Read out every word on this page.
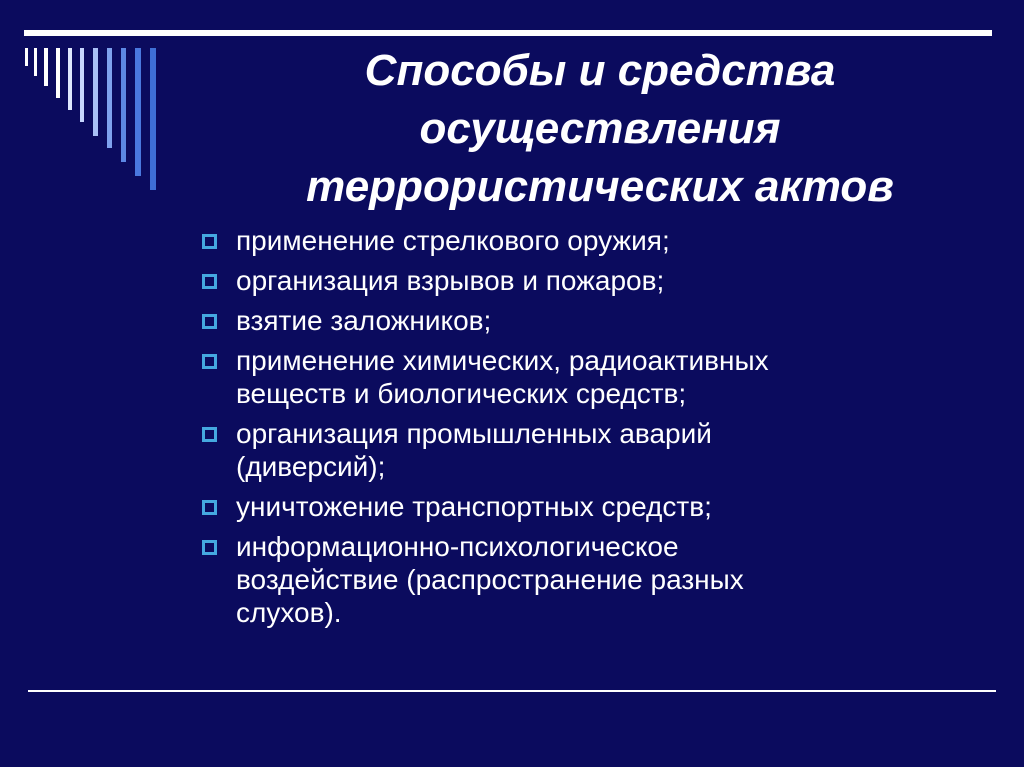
Способы и средства
осуществления
террористических актов
применение стрелкового оружия;
организация взрывов и пожаров;
взятие заложников;
применение химических, радиоактивных
веществ и биологических средств;
организация промышленных аварий
(диверсий);
уничтожение транспортных средств;
информационно-психологическое
воздействие (распространение разных
слухов).
